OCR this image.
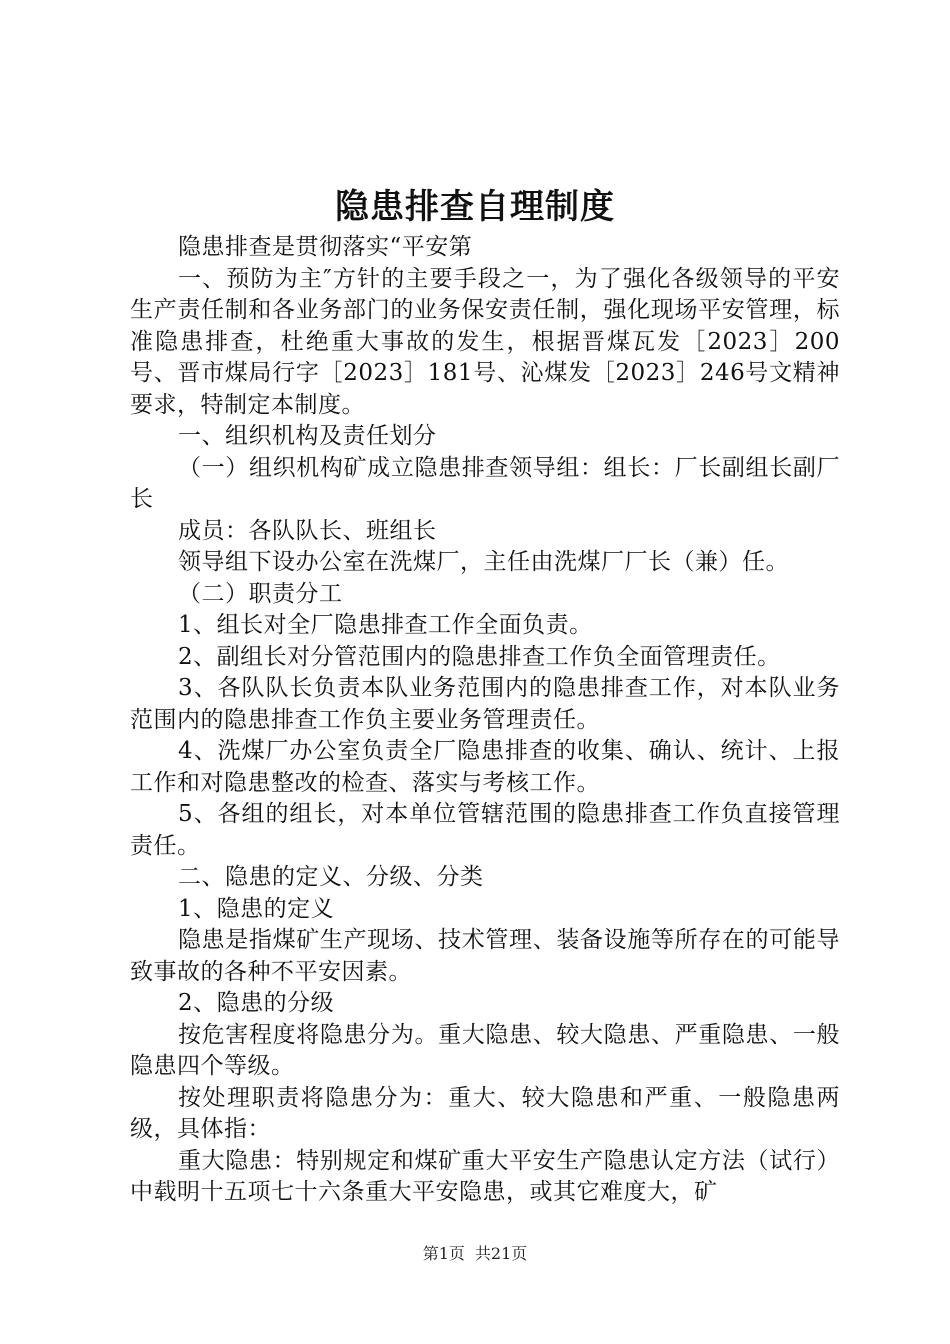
隐患排查自理制度

隐患排查是贯彻落实“平安第

一、预防为主″方针的主要手段之一，为了强化各级领导的平安生产责任制和各业务部门的业务保安责任制，强化现场平安管理，标准隐患排查，杜绝重大事故的发生，根据晋煤瓦发［2023］200号、晋市煤局行字［2023］181号、沁煤发［2023］246号文精神要求，特制定本制度。

一、组织机构及责任划分

（一）组织机构矿成立隐患排查领导组：组长：厂长副组长副厂长

成员：各队队长、班组长

领导组下设办公室在洗煤厂，主任由洗煤厂厂长（兼）任。

（二）职责分工

1、组长对全厂隐患排查工作全面负责。

2、副组长对分管范围内的隐患排查工作负全面管理责任。

3、各队队长负责本队业务范围内的隐患排查工作，对本队业务范围内的隐患排查工作负主要业务管理责任。

4、洗煤厂办公室负责全厂隐患排查的收集、确认、统计、上报工作和对隐患整改的检查、落实与考核工作。

5、各组的组长，对本单位管辖范围的隐患排查工作负直接管理责任。

二、隐患的定义、分级、分类

1、隐患的定义

隐患是指煤矿生产现场、技术管理、装备设施等所存在的可能导致事故的各种不平安因素。

2、隐患的分级

按危害程度将隐患分为。重大隐患、较大隐患、严重隐患、一般隐患四个等级。

按处理职责将隐患分为：重大、较大隐患和严重、一般隐患两级，具体指：

重大隐患：特别规定和煤矿重大平安生产隐患认定方法（试行）中载明十五项七十六条重大平安隐患，或其它难度大，矿

第1页 共21页
